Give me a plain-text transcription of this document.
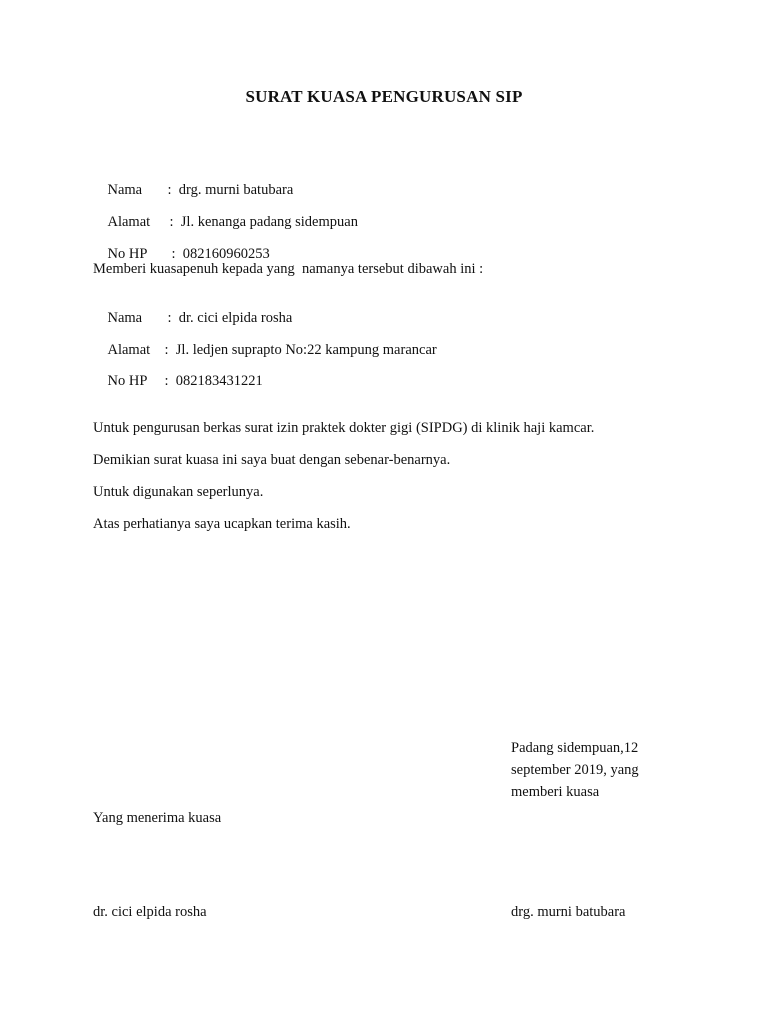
SURAT KUASA PENGURUSAN SIP

Nama :  drg. murni batubara

Alamat :  Jl. kenanga padang sidempuan

No HP :  082160960253

Memberi kuasapenuh kepada yang  namanya tersebut dibawah ini :

Nama :  dr. cici elpida rosha

Alamat :  Jl. ledjen suprapto No:22 kampung marancar

No HP :  082183431221

Untuk pengurusan berkas surat izin praktek dokter gigi (SIPDG) di klinik haji kamcar.
Demikian surat kuasa ini saya buat dengan sebenar-benarnya.
Untuk digunakan seperlunya.
Atas perhatianya saya ucapkan terima kasih.
Padang sidempuan,12 september 2019, yang memberi kuasa
Yang menerima kuasa
dr. cici elpida rosha	drg. murni batubara
